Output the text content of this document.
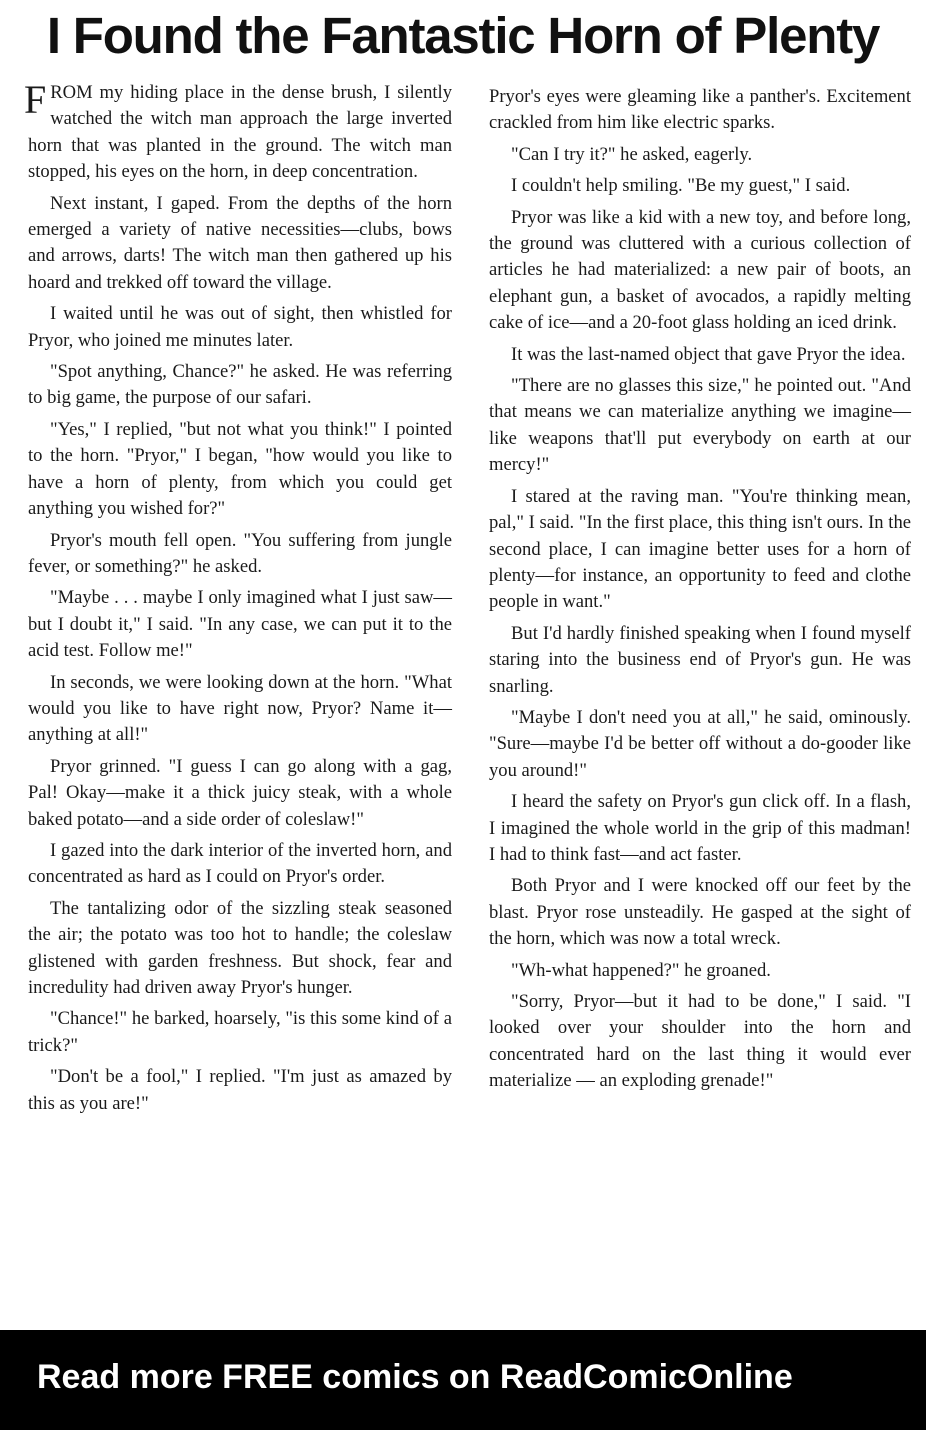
I Found the Fantastic Horn of Plenty

FROM my hiding place in the dense brush, I silently watched the witch man approach the large inverted horn that was planted in the ground. The witch man stopped, his eyes on the horn, in deep concentration.

Next instant, I gaped. From the depths of the horn emerged a variety of native necessities—clubs, bows and arrows, darts! The witch man then gathered up his hoard and trekked off toward the village.

I waited until he was out of sight, then whistled for Pryor, who joined me minutes later.

"Spot anything, Chance?" he asked. He was referring to big game, the purpose of our safari.

"Yes," I replied, "but not what you think!" I pointed to the horn. "Pryor," I began, "how would you like to have a horn of plenty, from which you could get anything you wished for?"

Pryor's mouth fell open. "You suffering from jungle fever, or something?" he asked.

"Maybe . . . maybe I only imagined what I just saw—but I doubt it," I said. "In any case, we can put it to the acid test. Follow me!"

In seconds, we were looking down at the horn. "What would you like to have right now, Pryor? Name it—anything at all!"

Pryor grinned. "I guess I can go along with a gag, Pal! Okay—make it a thick juicy steak, with a whole baked potato—and a side order of coleslaw!"

I gazed into the dark interior of the inverted horn, and concentrated as hard as I could on Pryor's order.

The tantalizing odor of the sizzling steak seasoned the air; the potato was too hot to handle; the coleslaw glistened with garden freshness. But shock, fear and incredulity had driven away Pryor's hunger.

"Chance!" he barked, hoarsely, "is this some kind of a trick?"

"Don't be a fool," I replied. "I'm just as amazed by this as you are!"

Pryor's eyes were gleaming like a panther's. Excitement crackled from him like electric sparks.

"Can I try it?" he asked, eagerly.

I couldn't help smiling. "Be my guest," I said.

Pryor was like a kid with a new toy, and before long, the ground was cluttered with a curious collection of articles he had materialized: a new pair of boots, an elephant gun, a basket of avocados, a rapidly melting cake of ice—and a 20-foot glass holding an iced drink.

It was the last-named object that gave Pryor the idea.

"There are no glasses this size," he pointed out. "And that means we can materialize anything we imagine—like weapons that'll put everybody on earth at our mercy!"

I stared at the raving man. "You're thinking mean, pal," I said. "In the first place, this thing isn't ours. In the second place, I can imagine better uses for a horn of plenty—for instance, an opportunity to feed and clothe people in want."

But I'd hardly finished speaking when I found myself staring into the business end of Pryor's gun. He was snarling.

"Maybe I don't need you at all," he said, ominously. "Sure—maybe I'd be better off without a do-gooder like you around!"

I heard the safety on Pryor's gun click off. In a flash, I imagined the whole world in the grip of this madman! I had to think fast—and act faster.

Both Pryor and I were knocked off our feet by the blast. Pryor rose unsteadily. He gasped at the sight of the horn, which was now a total wreck.

"Wh-what happened?" he groaned.

"Sorry, Pryor—but it had to be done," I said. "I looked over your shoulder into the horn and concentrated hard on the last thing it would ever materialize — an exploding grenade!"

Read more FREE comics on ReadComicOnline
